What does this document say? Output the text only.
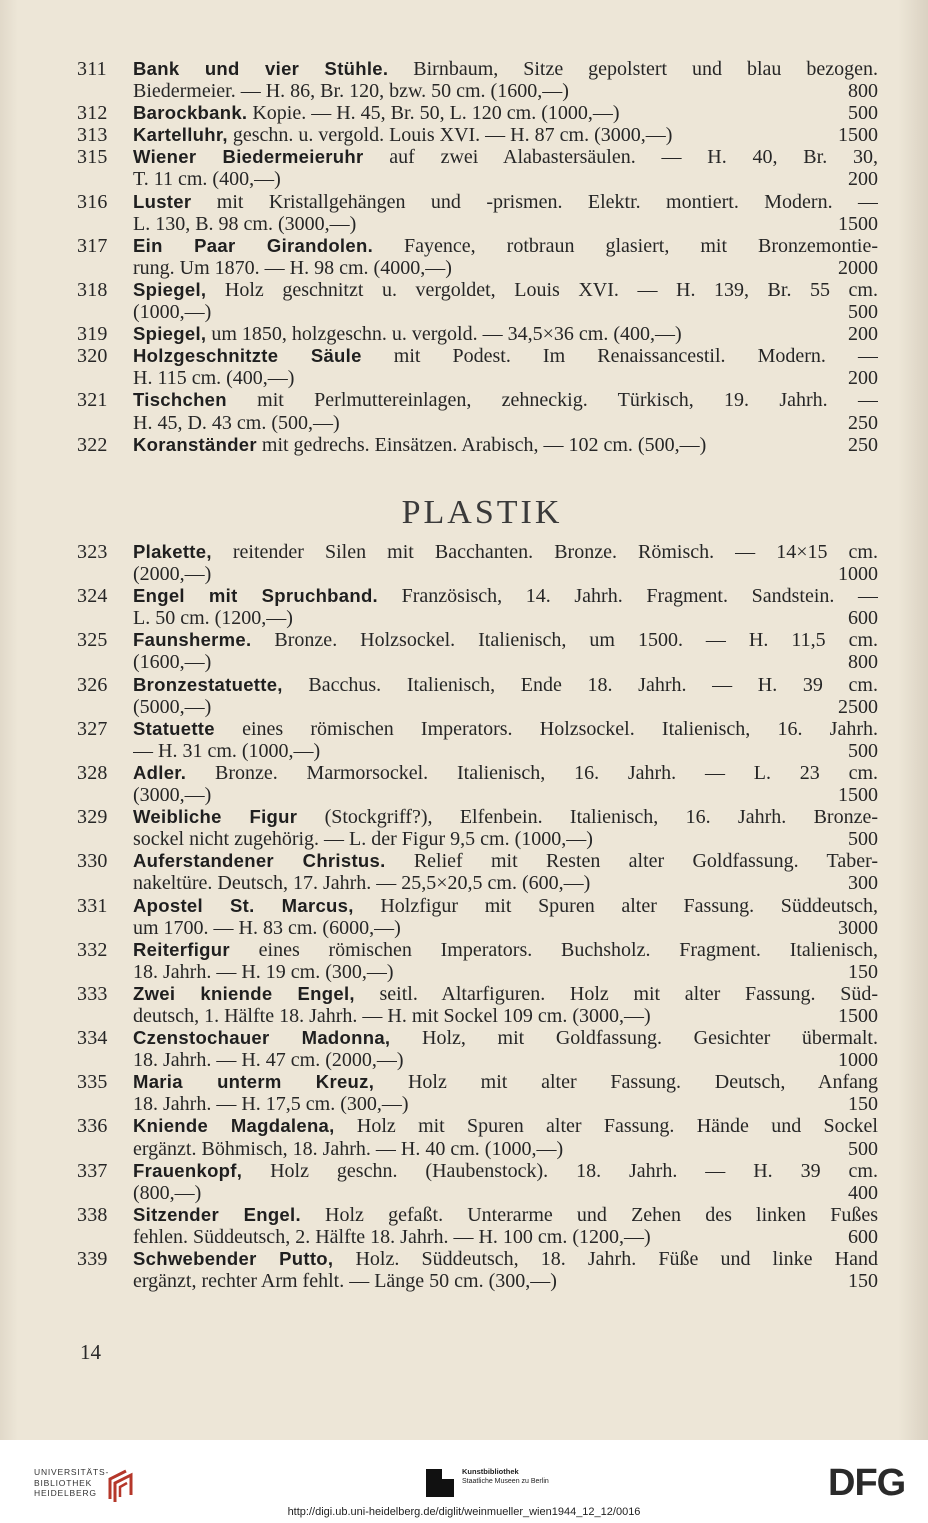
311 Bank und vier Stühle. Birnbaum, Sitze gepolstert und blau bezogen.
Biedermeier. — H. 86, Br. 120, bzw. 50 cm. (1600,—)	800
312 Barockbank. Kopie. — H. 45, Br. 50, L. 120 cm. (1000,—)	500
313 Kartelluhr, geschn. u. vergold. Louis XVI. — H. 87 cm. (3000,—)	1500
315 Wiener Biedermeieruhr auf zwei Alabastersäulen. — H. 40, Br. 30,
T. 11 cm. (400,—)	200
316 Luster mit Kristallgehängen und -prismen. Elektr. montiert. Modern. —
L. 130, B. 98 cm. (3000,—)	1500
317 Ein Paar Girandolen. Fayence, rotbraun glasiert, mit Bronzemontie-
rung. Um 1870. — H. 98 cm. (4000,—)	2000
318 Spiegel, Holz geschnitzt u. vergoldet, Louis XVI. — H. 139, Br. 55 cm.
(1000,—)	500
319 Spiegel, um 1850, holzgeschn. u. vergold. — 34,5×36 cm. (400,—)	200
320 Holzgeschnitzte Säule mit Podest. Im Renaissancestil. Modern. —
H. 115 cm. (400,—)	200
321 Tischchen mit Perlmuttereinlagen, zehneckig. Türkisch, 19. Jahrh. —
H. 45, D. 43 cm. (500,—)	250
322 Koranständer mit gedrechs. Einsätzen. Arabisch, — 102 cm. (500,—)	250
PLASTIK
323 Plakette, reitender Silen mit Bacchanten. Bronze. Römisch. — 14×15 cm.
(2000,—)	1000
324 Engel mit Spruchband. Französisch, 14. Jahrh. Fragment. Sandstein. —
L. 50 cm. (1200,—)	600
325 Faunsherme. Bronze. Holzsockel. Italienisch, um 1500. — H. 11,5 cm.
(1600,—)	800
326 Bronzestatuette, Bacchus. Italienisch, Ende 18. Jahrh. — H. 39 cm.
(5000,—)	2500
327 Statuette eines römischen Imperators. Holzsockel. Italienisch, 16. Jahrh.
— H. 31 cm. (1000,—)	500
328 Adler. Bronze. Marmorsockel. Italienisch, 16. Jahrh. — L. 23 cm.
(3000,—)	1500
329 Weibliche Figur (Stockgriff?), Elfenbein. Italienisch, 16. Jahrh. Bronze-
sockel nicht zugehörig. — L. der Figur 9,5 cm. (1000,—)	500
330 Auferstandener Christus. Relief mit Resten alter Goldfassung. Taber-
nakeltüre. Deutsch, 17. Jahrh. — 25,5×20,5 cm. (600,—)	300
331 Apostel St. Marcus, Holzfigur mit Spuren alter Fassung. Süddeutsch,
um 1700. — H. 83 cm. (6000,—)	3000
332 Reiterfigur eines römischen Imperators. Buchsholz. Fragment. Italienisch,
18. Jahrh. — H. 19 cm. (300,—)	150
333 Zwei kniende Engel, seitl. Altarfiguren. Holz mit alter Fassung. Süd-
deutsch, 1. Hälfte 18. Jahrh. — H. mit Sockel 109 cm. (3000,—)	1500
334 Czenstochauer Madonna, Holz, mit Goldfassung. Gesichter übermalt.
18. Jahrh. — H. 47 cm. (2000,—)	1000
335 Maria unterm Kreuz, Holz mit alter Fassung. Deutsch, Anfang
18. Jahrh. — H. 17,5 cm. (300,—)	150
336 Kniende Magdalena, Holz mit Spuren alter Fassung. Hände und Sockel
ergänzt. Böhmisch, 18. Jahrh. — H. 40 cm. (1000,—)	500
337 Frauenkopf, Holz geschn. (Haubenstock). 18. Jahrh. — H. 39 cm.
(800,—)	400
338 Sitzender Engel. Holz gefaßt. Unterarme und Zehen des linken Fußes
fehlen. Süddeutsch, 2. Hälfte 18. Jahrh. — H. 100 cm. (1200,—)	600
339 Schwebender Putto, Holz. Süddeutsch, 18. Jahrh. Füße und linke Hand
ergänzt, rechter Arm fehlt. — Länge 50 cm. (300,—)	150
14
UNIVERSITÄTS-
BIBLIOTHEK
HEIDELBERG
Kunstbibliothek
Staatliche Museen zu Berlin	DFG
http://digi.ub.uni-heidelberg.de/diglit/weinmueller_wien1944_12_12/0016
